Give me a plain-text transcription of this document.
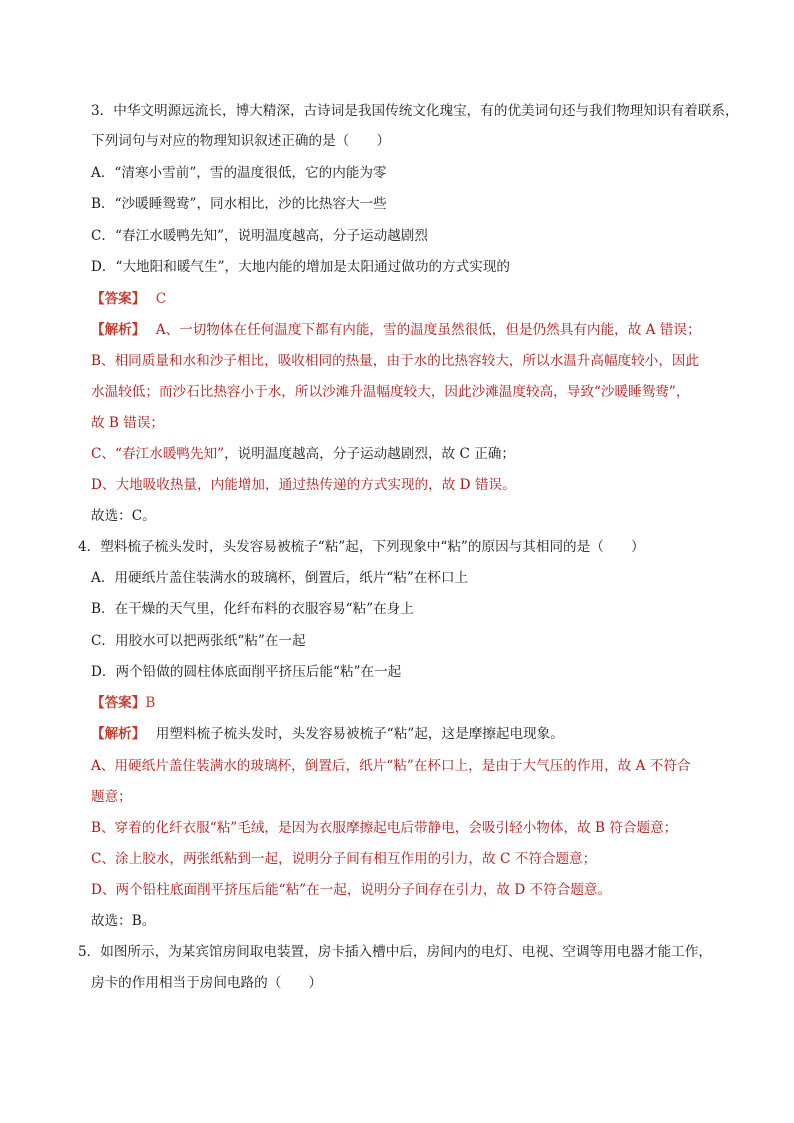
3．中华文明源远流长，博大精深，古诗词是我国传统文化瑰宝，有的优美词句还与我们物理知识有着联系，
下列词句与对应的物理知识叙述正确的是（　　）
A．“清寒小雪前”，雪的温度很低，它的内能为零
B．“沙暖睡鸳鸯”，同水相比，沙的比热容大一些
C．“春江水暖鸭先知”，说明温度越高，分子运动越剧烈
D．“大地阳和暖气生”，大地内能的增加是太阳通过做功的方式实现的
【答案】 C
【解析】 A、一切物体在任何温度下都有内能，雪的温度虽然很低，但是仍然具有内能，故 A 错误；
B、相同质量和水和沙子相比，吸收相同的热量，由于水的比热容较大，所以水温升高幅度较小，因此
水温较低；而沙石比热容小于水，所以沙滩升温幅度较大，因此沙滩温度较高，导致“沙暖睡鸳鸯”，
故 B 错误；
C、“春江水暖鸭先知”，说明温度越高，分子运动越剧烈，故 C 正确；
D、大地吸收热量，内能增加，通过热传递的方式实现的，故 D 错误。
故选：C。
4．塑料梳子梳头发时，头发容易被梳子“粘”起，下列现象中“粘”的原因与其相同的是（　　）
A．用硬纸片盖住装满水的玻璃杯，倒置后，纸片“粘”在杯口上
B．在干燥的天气里，化纤布料的衣服容易“粘”在身上
C．用胶水可以把两张纸“粘”在一起
D．两个铅做的圆柱体底面削平挤压后能“粘”在一起
【答案】B
【解析】 用塑料梳子梳头发时，头发容易被梳子“粘”起，这是摩擦起电现象。
A、用硬纸片盖住装满水的玻璃杯，倒置后，纸片“粘”在杯口上，是由于大气压的作用，故 A 不符合
题意；
B、穿着的化纤衣服“粘”毛绒，是因为衣服摩擦起电后带静电，会吸引轻小物体，故 B 符合题意；
C、涂上胶水，两张纸粘到一起，说明分子间有相互作用的引力，故 C 不符合题意；
D、两个铅柱底面削平挤压后能“粘”在一起，说明分子间存在引力，故 D 不符合题意。
故选：B。
5．如图所示，为某宾馆房间取电装置，房卡插入槽中后，房间内的电灯、电视、空调等用电器才能工作，
房卡的作用相当于房间电路的（　　）
